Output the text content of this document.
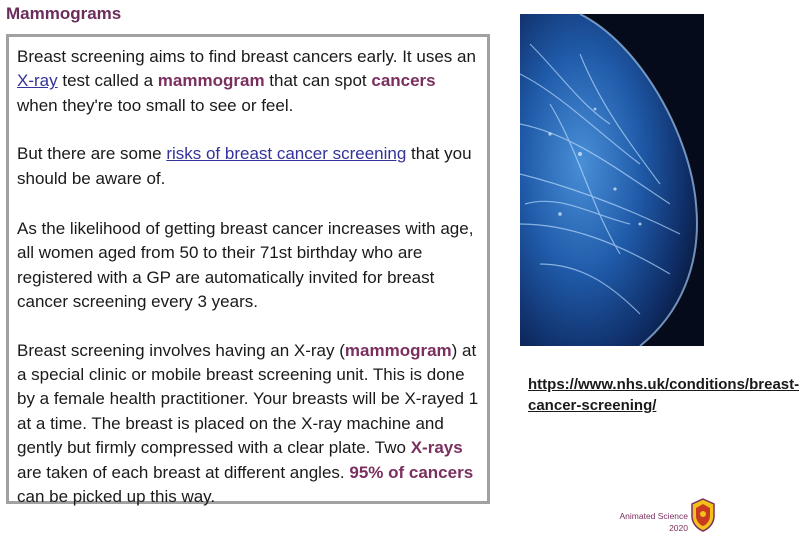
Mammograms

Breast screening aims to find breast cancers early. It uses an X-ray test called a mammogram that can spot cancers when they're too small to see or feel.

But there are some risks of breast cancer screening that you should be aware of.

As the likelihood of getting breast cancer increases with age, all women aged from 50 to their 71st birthday who are registered with a GP are automatically invited for breast cancer screening every 3 years.

Breast screening involves having an X-ray (mammogram) at a special clinic or mobile breast screening unit. This is done by a female health practitioner. Your breasts will be X-rayed 1 at a time. The breast is placed on the X-ray machine and gently but firmly compressed with a clear plate. Two X-rays are taken of each breast at different angles. 95% of cancers can be picked up this way.

https://www.nhs.uk/conditions/breast-cancer-screening/
Animated Science
2020
